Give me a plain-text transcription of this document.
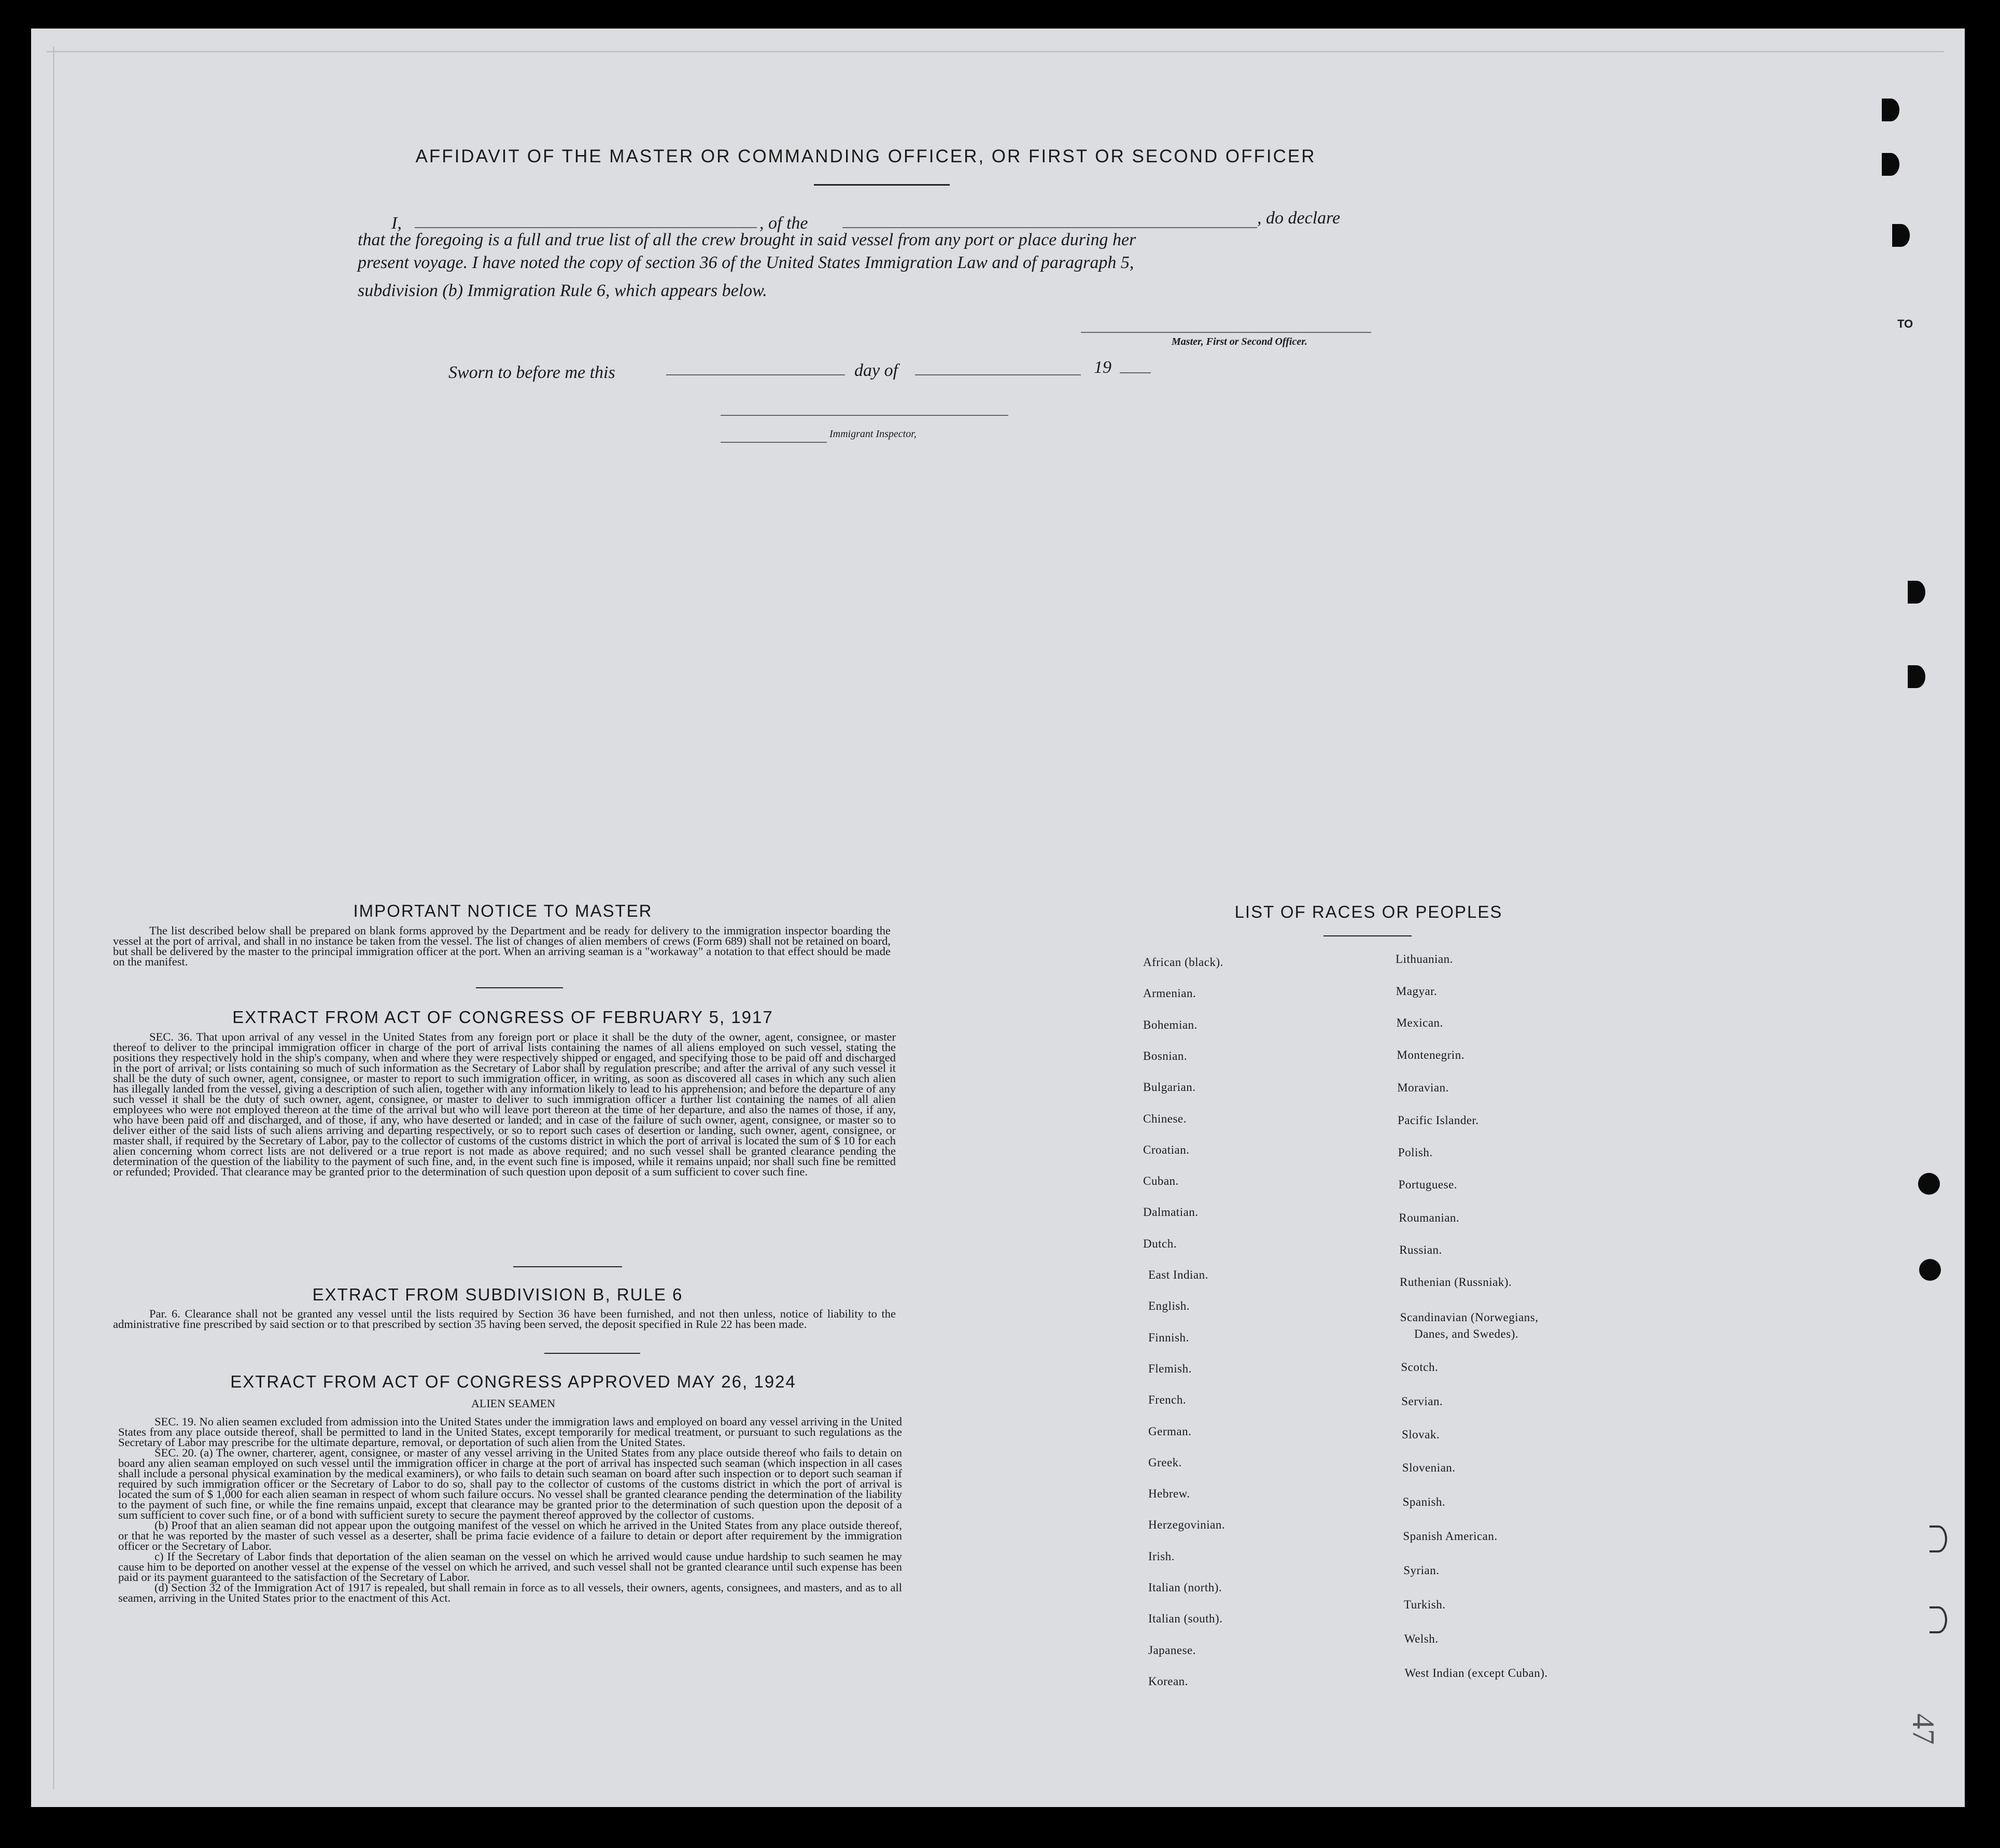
TO
47
AFFIDAVIT OF THE MASTER OR COMMANDING OFFICER, OR FIRST OR SECOND OFFICER
I,	, of the	, do declare
that the foregoing is a full and true list of all the crew brought in said vessel from any port or place during her
present voyage. I have noted the copy of section 36 of the United States Immigration Law and of paragraph 5,
subdivision (b) Immigration Rule 6, which appears below.
Master, First or Second Officer.
Sworn to before me this	day of	19
Immigrant Inspector,
IMPORTANT NOTICE TO MASTER

The list described below shall be prepared on blank forms approved by the Department and be ready for delivery to the immigration inspector boarding the vessel at the port of arrival, and shall in no instance be taken from the vessel. The list of changes of alien members of crews (Form 689) shall not be retained on board, but shall be delivered by the master to the principal immigration officer at the port. When an arriving seaman is a "workaway" a notation to that effect should be made on the manifest.

EXTRACT FROM ACT OF CONGRESS OF FEBRUARY 5, 1917

SEC. 36. That upon arrival of any vessel in the United States from any foreign port or place it shall be the duty of the owner, agent, consignee, or master thereof to deliver to the principal immigration officer in charge of the port of arrival lists containing the names of all aliens employed on such vessel, stating the positions they respectively hold in the ship's company, when and where they were respectively shipped or engaged, and specifying those to be paid off and discharged in the port of arrival; or lists containing so much of such information as the Secretary of Labor shall by regulation prescribe; and after the arrival of any such vessel it shall be the duty of such owner, agent, consignee, or master to report to such immigration officer, in writing, as soon as discovered all cases in which any such alien has illegally landed from the vessel, giving a description of such alien, together with any information likely to lead to his apprehension; and before the departure of any such vessel it shall be the duty of such owner, agent, consignee, or master to deliver to such immigration officer a further list containing the names of all alien employees who were not employed thereon at the time of the arrival but who will leave port thereon at the time of her departure, and also the names of those, if any, who have been paid off and discharged, and of those, if any, who have deserted or landed; and in case of the failure of such owner, agent, consignee, or master so to deliver either of the said lists of such aliens arriving and departing respectively, or so to report such cases of desertion or landing, such owner, agent, consignee, or master shall, if required by the Secretary of Labor, pay to the collector of customs of the customs district in which the port of arrival is located the sum of $ 10 for each alien concerning whom correct lists are not delivered or a true report is not made as above required; and no such vessel shall be granted clearance pending the determination of the question of the liability to the payment of such fine, and, in the event such fine is imposed, while it remains unpaid; nor shall such fine be remitted or refunded; Provided. That clearance may be granted prior to the determination of such question upon deposit of a sum sufficient to cover such fine.

EXTRACT FROM SUBDIVISION B, RULE 6

Par. 6. Clearance shall not be granted any vessel until the lists required by Section 36 have been furnished, and not then unless, notice of liability to the administrative fine prescribed by said section or to that prescribed by section 35 having been served, the deposit specified in Rule 22 has been made.

EXTRACT FROM ACT OF CONGRESS APPROVED MAY 26, 1924
ALIEN SEAMEN

SEC. 19. No alien seamen excluded from admission into the United States under the immigration laws and employed on board any vessel arriving in the United States from any place outside thereof, shall be permitted to land in the United States, except temporarily for medical treatment, or pursuant to such regulations as the Secretary of Labor may prescribe for the ultimate departure, removal, or deportation of such alien from the United States.

SEC. 20. (a) The owner, charterer, agent, consignee, or master of any vessel arriving in the United States from any place outside thereof who fails to detain on board any alien seaman employed on such vessel until the immigration officer in charge at the port of arrival has inspected such seaman (which inspection in all cases shall include a personal physical examination by the medical examiners), or who fails to detain such seaman on board after such inspection or to deport such seaman if required by such immigration officer or the Secretary of Labor to do so, shall pay to the collector of customs of the customs district in which the port of arrival is located the sum of $ 1,000 for each alien seaman in respect of whom such failure occurs. No vessel shall be granted clearance pending the determination of the liability to the payment of such fine, or while the fine remains unpaid, except that clearance may be granted prior to the determination of such question upon the deposit of a sum sufficient to cover such fine, or of a bond with sufficient surety to secure the payment thereof approved by the collector of customs.

(b) Proof that an alien seaman did not appear upon the outgoing manifest of the vessel on which he arrived in the United States from any place outside thereof, or that he was reported by the master of such vessel as a deserter, shall be prima facie evidence of a failure to detain or deport after requirement by the immigration officer or the Secretary of Labor.

c) If the Secretary of Labor finds that deportation of the alien seaman on the vessel on which he arrived would cause undue hardship to such seamen he may cause him to be deported on another vessel at the expense of the vessel on which he arrived, and such vessel shall not be granted clearance until such expense has been paid or its payment guaranteed to the satisfaction of the Secretary of Labor.

(d) Section 32 of the Immigration Act of 1917 is repealed, but shall remain in force as to all vessels, their owners, agents, consignees, and masters, and as to all seamen, arriving in the United States prior to the enactment of this Act.

LIST OF RACES OR PEOPLES
African (black).
Armenian.
Bohemian.
Bosnian.
Bulgarian.
Chinese.
Croatian.
Cuban.
Dalmatian.
Dutch.
East Indian.
English.
Finnish.
Flemish.
French.
German.
Greek.
Hebrew.
Herzegovinian.
Irish.
Italian (north).
Italian (south).
Japanese.
Korean.
Lithuanian.
Magyar.
Mexican.
Montenegrin.
Moravian.
Pacific Islander.
Polish.
Portuguese.
Roumanian.
Russian.
Ruthenian (Russniak).
Scandinavian (Norwegians,
Danes, and Swedes).
Scotch.
Servian.
Slovak.
Slovenian.
Spanish.
Spanish American.
Syrian.
Turkish.
Welsh.
West Indian (except Cuban).
